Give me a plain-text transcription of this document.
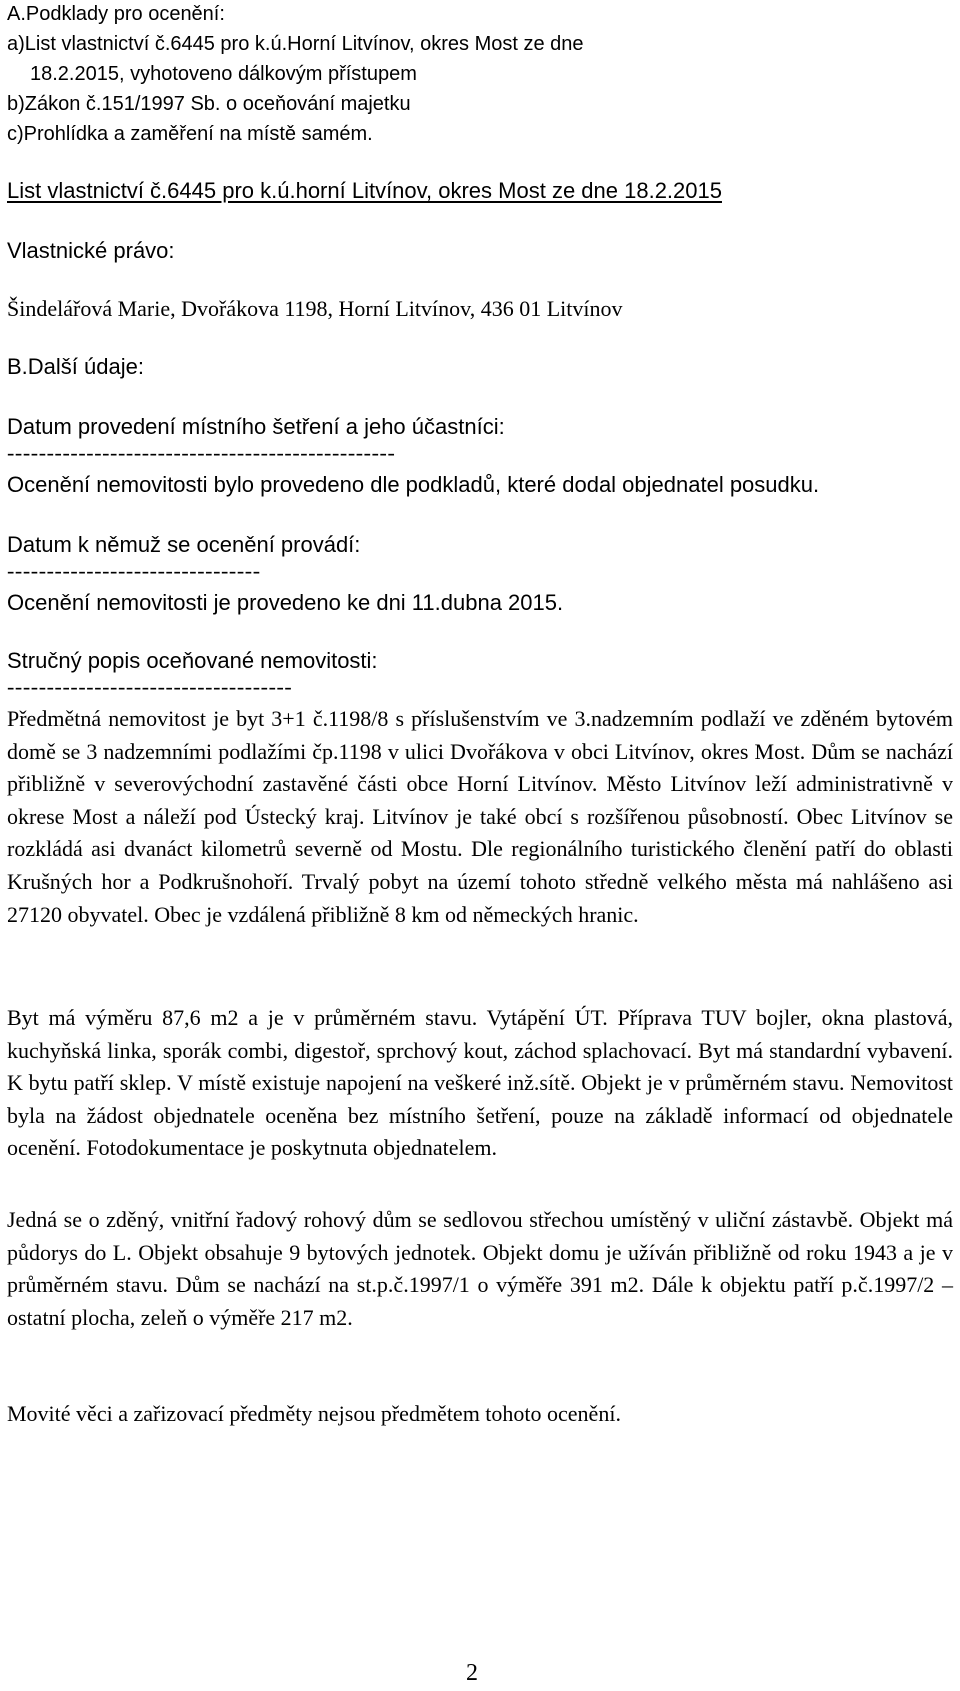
A.Podklady pro ocenění:
a)List vlastnictví č.6445 pro k.ú.Horní Litvínov, okres Most ze dne
18.2.2015, vyhotoveno dálkovým přístupem
b)Zákon č.151/1997 Sb. o oceňování majetku
c)Prohlídka a zaměření na místě samém.
List vlastnictví č.6445 pro k.ú.horní Litvínov, okres Most ze dne 18.2.2015
Vlastnické právo:
Šindelářová Marie, Dvořákova 1198, Horní Litvínov, 436 01 Litvínov
B.Další údaje:
Datum provedení místního šetření a jeho účastníci:
-------------------------------------------------
Ocenění nemovitosti bylo provedeno dle podkladů, které dodal objednatel posudku.
Datum k němuž se ocenění provádí:
--------------------------------
Ocenění nemovitosti je provedeno ke dni 11.dubna 2015.
Stručný popis oceňované nemovitosti:
------------------------------------
Předmětná nemovitost je byt 3+1 č.1198/8 s příslušenstvím ve 3.nadzemním podlaží ve zděném bytovém domě se 3 nadzemními podlažími čp.1198 v ulici Dvořákova v obci Litvínov, okres Most. Dům se nachází přibližně v severovýchodní zastavěné části obce Horní Litvínov. Město Litvínov leží administrativně v okrese Most a náleží pod Ústecký kraj. Litvínov je také obcí s rozšířenou působností. Obec Litvínov se rozkládá asi dvanáct kilometrů severně od Mostu. Dle regionálního turistického členění patří do oblasti Krušných hor a Podkrušnohoří. Trvalý pobyt na území tohoto středně velkého města má nahlášeno asi 27120 obyvatel. Obec je vzdálená přibližně 8 km od německých hranic.
Byt má výměru 87,6 m2 a je v průměrném stavu. Vytápění ÚT. Příprava TUV bojler, okna plastová, kuchyňská linka, sporák combi, digestoř, sprchový kout, záchod splachovací. Byt má standardní vybavení. K bytu patří sklep. V místě existuje napojení na veškeré inž.sítě. Objekt je v průměrném stavu. Nemovitost byla na žádost objednatele oceněna bez místního šetření, pouze na základě informací od objednatele ocenění. Fotodokumentace je poskytnuta objednatelem.
Jedná se o zděný, vnitřní řadový rohový dům se sedlovou střechou umístěný v uliční zástavbě. Objekt má půdorys do L. Objekt obsahuje 9 bytových jednotek. Objekt domu je užíván přibližně od roku 1943 a je v průměrném stavu. Dům se nachází na st.p.č.1997/1 o výměře 391 m2. Dále k objektu patří p.č.1997/2 – ostatní plocha, zeleň o výměře 217 m2.
Movité věci a zařizovací předměty nejsou předmětem tohoto ocenění.
2
